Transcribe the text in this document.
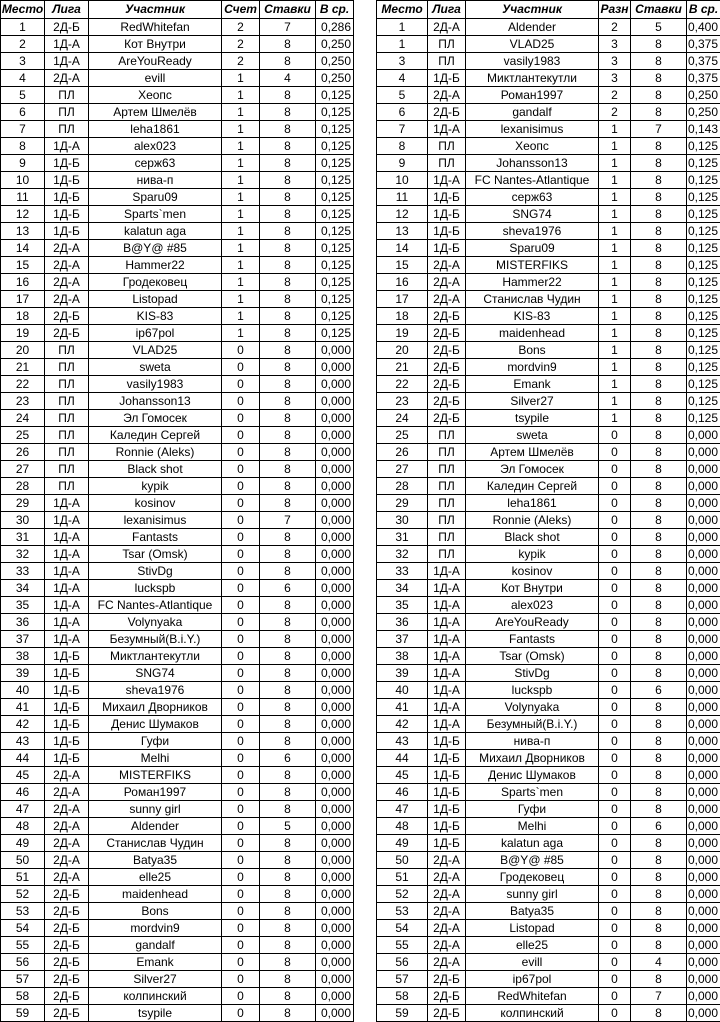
Место	Лига	Участник	Счет	Ставки	В ср.
1	2Д-Б	RedWhitefan	2	7	0,286
2	1Д-А	Кот Внутри	2	8	0,250
3	1Д-А	AreYouReady	2	8	0,250
4	2Д-А	evill	1	4	0,250
5	ПЛ	Хеопс	1	8	0,125
6	ПЛ	Артем Шмелёв	1	8	0,125
7	ПЛ	leha1861	1	8	0,125
8	1Д-А	alex023	1	8	0,125
9	1Д-Б	серж63	1	8	0,125
10	1Д-Б	нива-п	1	8	0,125
11	1Д-Б	Sparu09	1	8	0,125
12	1Д-Б	Sparts`men	1	8	0,125
13	1Д-Б	kalatun aga	1	8	0,125
14	2Д-А	B@Y@ #85	1	8	0,125
15	2Д-А	Hammer22	1	8	0,125
16	2Д-А	Гродековец	1	8	0,125
17	2Д-А	Listopad	1	8	0,125
18	2Д-Б	KIS-83	1	8	0,125
19	2Д-Б	ip67pol	1	8	0,125
20	ПЛ	VLAD25	0	8	0,000
21	ПЛ	sweta	0	8	0,000
22	ПЛ	vasily1983	0	8	0,000
23	ПЛ	Johansson13	0	8	0,000
24	ПЛ	Эл Гомосек	0	8	0,000
25	ПЛ	Каледин Сергей	0	8	0,000
26	ПЛ	Ronnie (Aleks)	0	8	0,000
27	ПЛ	Black shot	0	8	0,000
28	ПЛ	kypik	0	8	0,000
29	1Д-А	kosinov	0	8	0,000
30	1Д-А	lexanisimus	0	7	0,000
31	1Д-А	Fantasts	0	8	0,000
32	1Д-А	Tsar (Omsk)	0	8	0,000
33	1Д-А	StivDg	0	8	0,000
34	1Д-А	luckspb	0	6	0,000
35	1Д-А	FC Nantes-Atlantique	0	8	0,000
36	1Д-А	Volynyaka	0	8	0,000
37	1Д-А	Безумный(B.i.Y.)	0	8	0,000
38	1Д-Б	Миктлантекутли	0	8	0,000
39	1Д-Б	SNG74	0	8	0,000
40	1Д-Б	sheva1976	0	8	0,000
41	1Д-Б	Михаил Дворников	0	8	0,000
42	1Д-Б	Денис Шумаков	0	8	0,000
43	1Д-Б	Гуфи	0	8	0,000
44	1Д-Б	Melhi	0	6	0,000
45	2Д-А	MISTERFIKS	0	8	0,000
46	2Д-А	Роман1997	0	8	0,000
47	2Д-А	sunny girl	0	8	0,000
48	2Д-А	Aldender	0	5	0,000
49	2Д-А	Станислав Чудин	0	8	0,000
50	2Д-А	Batya35	0	8	0,000
51	2Д-А	elle25	0	8	0,000
52	2Д-Б	maidenhead	0	8	0,000
53	2Д-Б	Bons	0	8	0,000
54	2Д-Б	mordvin9	0	8	0,000
55	2Д-Б	gandalf	0	8	0,000
56	2Д-Б	Emank	0	8	0,000
57	2Д-Б	Silver27	0	8	0,000
58	2Д-Б	колпинский	0	8	0,000
59	2Д-Б	tsypile	0	8	0,000
Место	Лига	Участник	Разн	Ставки	В ср.
1	2Д-А	Aldender	2	5	0,400
1	ПЛ	VLAD25	3	8	0,375
3	ПЛ	vasily1983	3	8	0,375
4	1Д-Б	Миктлантекутли	3	8	0,375
5	2Д-А	Роман1997	2	8	0,250
6	2Д-Б	gandalf	2	8	0,250
7	1Д-А	lexanisimus	1	7	0,143
8	ПЛ	Хеопс	1	8	0,125
9	ПЛ	Johansson13	1	8	0,125
10	1Д-А	FC Nantes-Atlantique	1	8	0,125
11	1Д-Б	серж63	1	8	0,125
12	1Д-Б	SNG74	1	8	0,125
13	1Д-Б	sheva1976	1	8	0,125
14	1Д-Б	Sparu09	1	8	0,125
15	2Д-А	MISTERFIKS	1	8	0,125
16	2Д-А	Hammer22	1	8	0,125
17	2Д-А	Станислав Чудин	1	8	0,125
18	2Д-Б	KIS-83	1	8	0,125
19	2Д-Б	maidenhead	1	8	0,125
20	2Д-Б	Bons	1	8	0,125
21	2Д-Б	mordvin9	1	8	0,125
22	2Д-Б	Emank	1	8	0,125
23	2Д-Б	Silver27	1	8	0,125
24	2Д-Б	tsypile	1	8	0,125
25	ПЛ	sweta	0	8	0,000
26	ПЛ	Артем Шмелёв	0	8	0,000
27	ПЛ	Эл Гомосек	0	8	0,000
28	ПЛ	Каледин Сергей	0	8	0,000
29	ПЛ	leha1861	0	8	0,000
30	ПЛ	Ronnie (Aleks)	0	8	0,000
31	ПЛ	Black shot	0	8	0,000
32	ПЛ	kypik	0	8	0,000
33	1Д-А	kosinov	0	8	0,000
34	1Д-А	Кот Внутри	0	8	0,000
35	1Д-А	alex023	0	8	0,000
36	1Д-А	AreYouReady	0	8	0,000
37	1Д-А	Fantasts	0	8	0,000
38	1Д-А	Tsar (Omsk)	0	8	0,000
39	1Д-А	StivDg	0	8	0,000
40	1Д-А	luckspb	0	6	0,000
41	1Д-А	Volynyaka	0	8	0,000
42	1Д-А	Безумный(B.i.Y.)	0	8	0,000
43	1Д-Б	нива-п	0	8	0,000
44	1Д-Б	Михаил Дворников	0	8	0,000
45	1Д-Б	Денис Шумаков	0	8	0,000
46	1Д-Б	Sparts`men	0	8	0,000
47	1Д-Б	Гуфи	0	8	0,000
48	1Д-Б	Melhi	0	6	0,000
49	1Д-Б	kalatun aga	0	8	0,000
50	2Д-А	B@Y@ #85	0	8	0,000
51	2Д-А	Гродековец	0	8	0,000
52	2Д-А	sunny girl	0	8	0,000
53	2Д-А	Batya35	0	8	0,000
54	2Д-А	Listopad	0	8	0,000
55	2Д-А	elle25	0	8	0,000
56	2Д-А	evill	0	4	0,000
57	2Д-Б	ip67pol	0	8	0,000
58	2Д-Б	RedWhitefan	0	7	0,000
59	2Д-Б	колпинский	0	8	0,000
